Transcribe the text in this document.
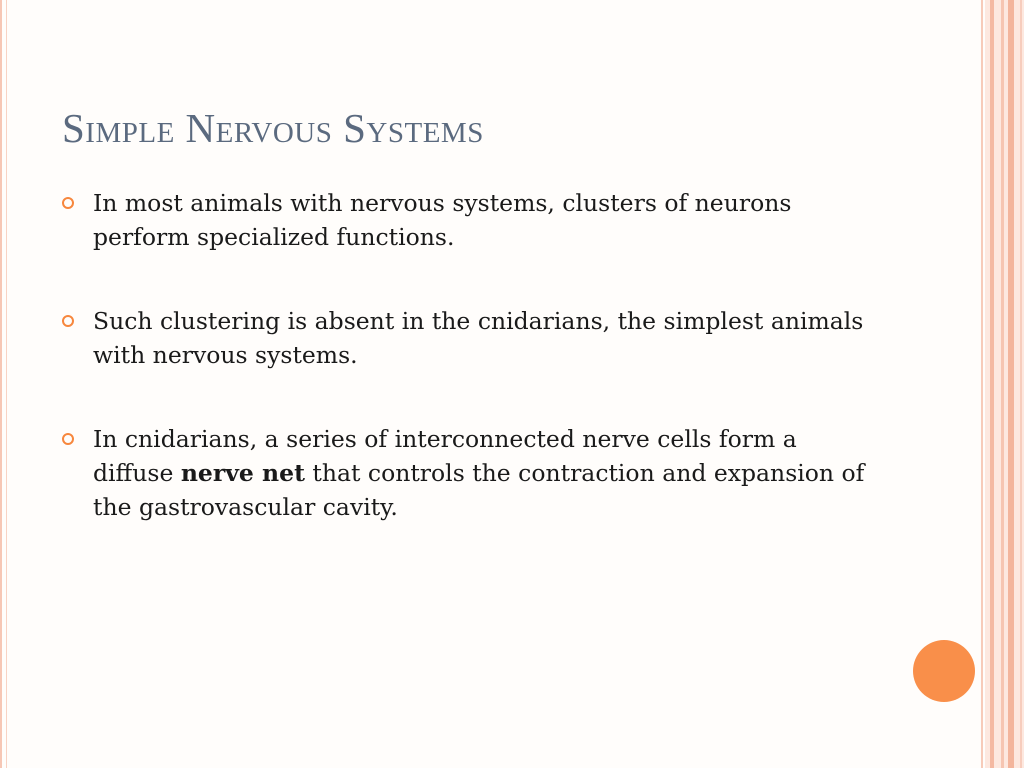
Simple Nervous Systems
In most animals with nervous systems, clusters of neurons perform specialized functions.
Such clustering is absent in the cnidarians, the simplest animals with nervous systems.
In cnidarians, a series of interconnected nerve cells form a diffuse nerve net that controls the contraction and expansion of the gastrovascular cavity.
